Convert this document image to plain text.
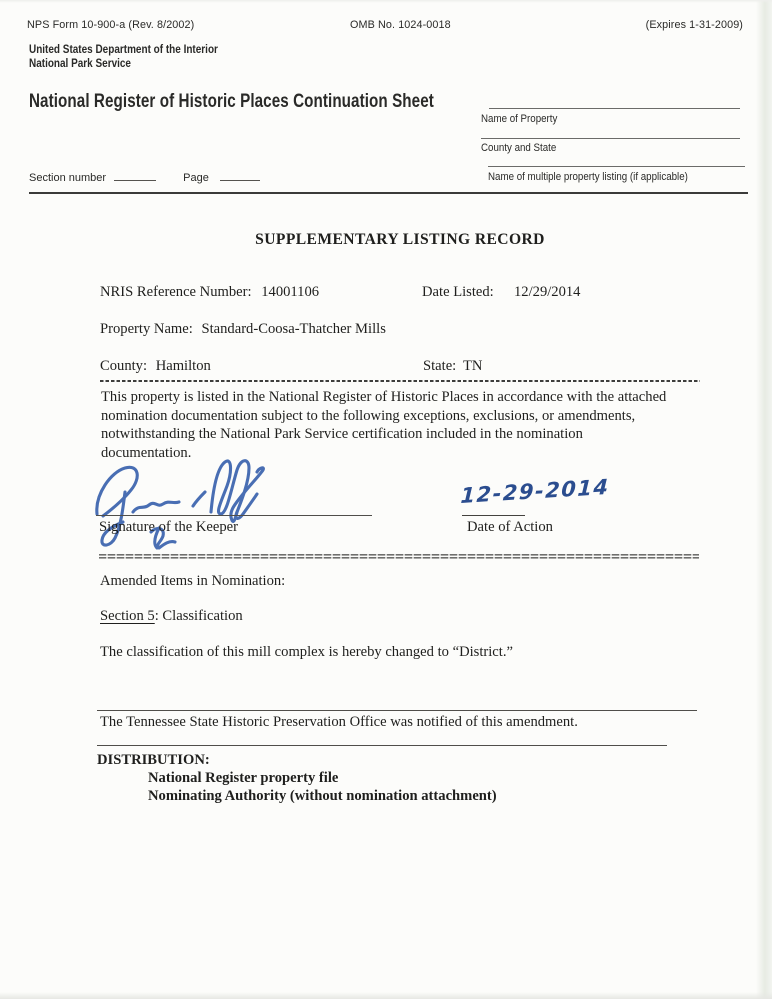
NPS Form 10-900-a (Rev. 8/2002)	OMB No. 1024-0018	(Expires 1-31-2009)
United States Department of the Interior
National Park Service
National Register of Historic Places Continuation Sheet
Name of Property
County and State
Name of multiple property listing (if applicable)
Section number	Page
SUPPLEMENTARY LISTING RECORD
NRIS Reference Number: 14001106	Date Listed: 12/29/2014
Property Name: Standard-Coosa-Thatcher Mills
County: Hamilton	State: TN
This property is listed in the National Register of Historic Places in accordance with the attached
nomination documentation subject to the following exceptions, exclusions, or amendments,
notwithstanding the National Park Service certification included in the nomination
documentation.
Signature of the Keeper
12-29-2014
Date of Action
Amended Items in Nomination:
Section 5: Classification
The classification of this mill complex is hereby changed to “District.”
The Tennessee State Historic Preservation Office was notified of this amendment.
DISTRIBUTION:
National Register property file
Nominating Authority (without nomination attachment)
